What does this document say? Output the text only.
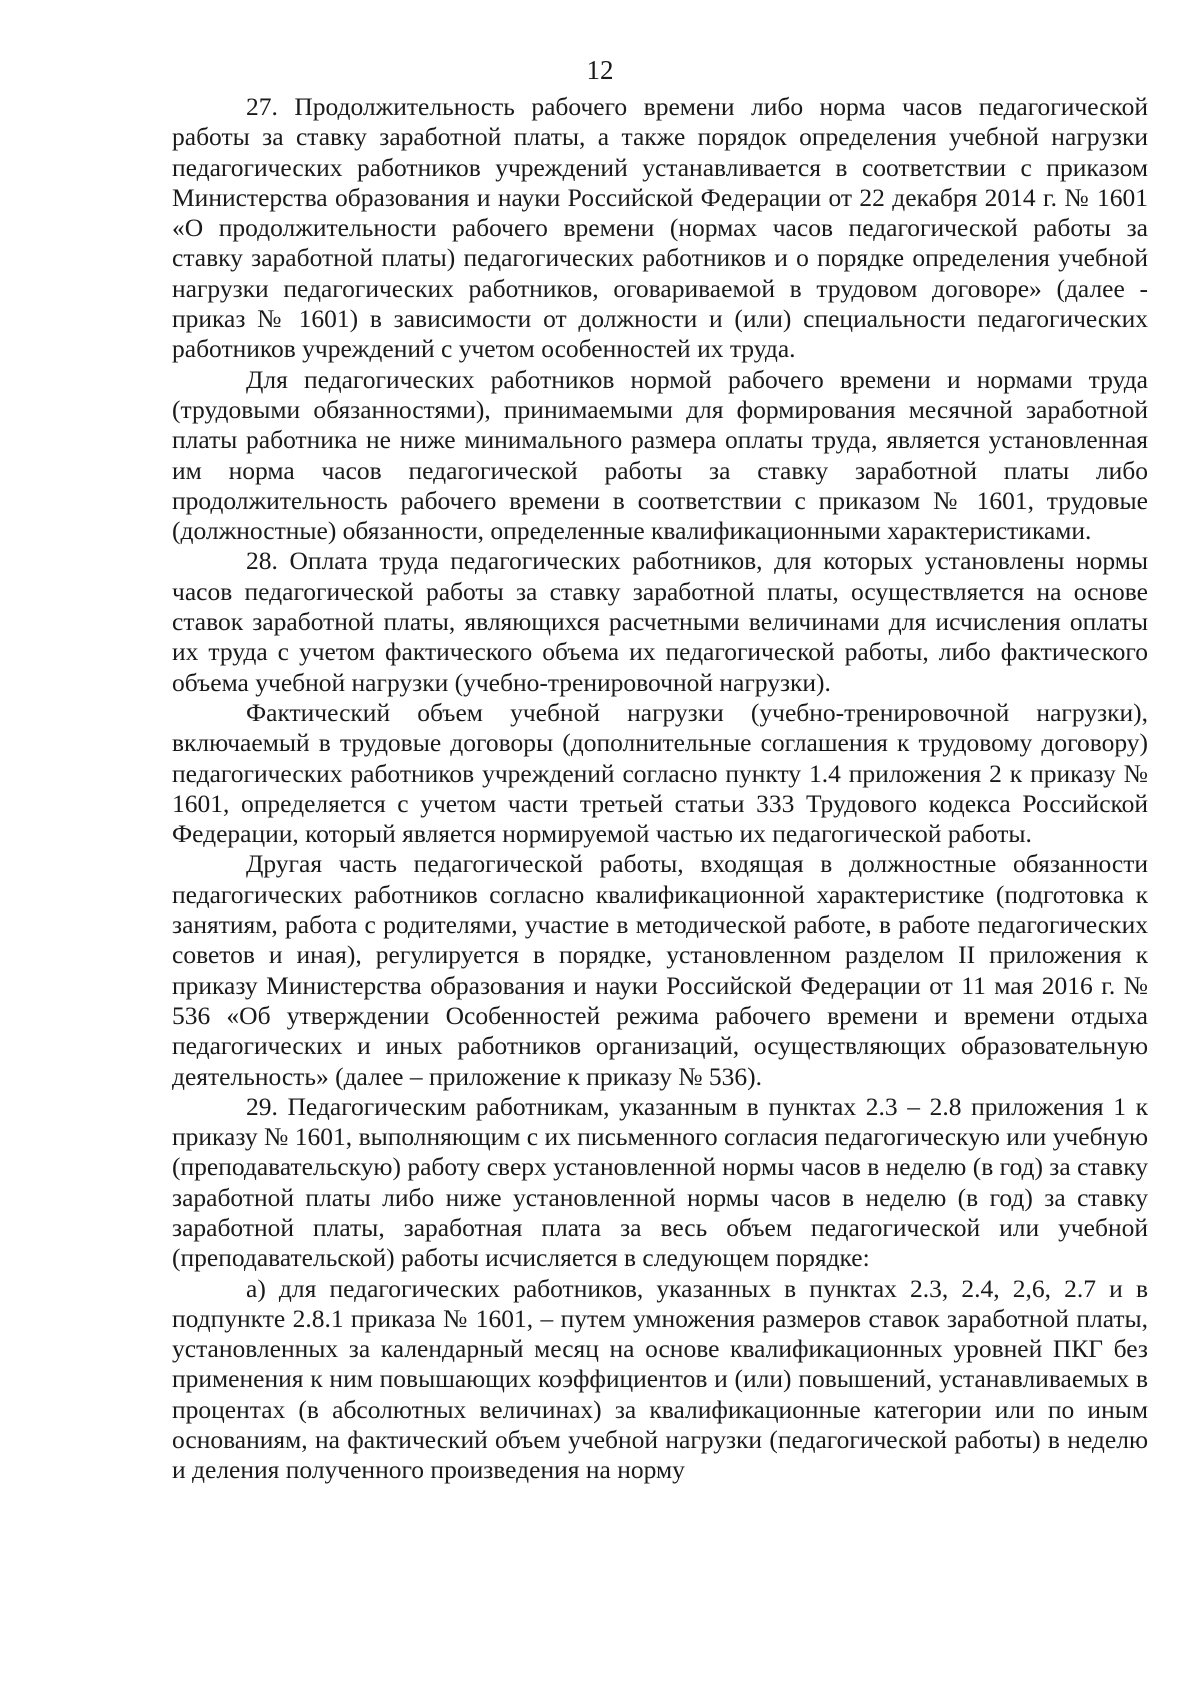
12

27. Продолжительность рабочего времени либо норма часов педагогической работы за ставку заработной платы, а также порядок определения учебной нагрузки педагогических работников учреждений устанавливается в соответствии с приказом Министерства образования и науки Российской Федерации от 22 декабря 2014 г. № 1601 «О продолжительности рабочего времени (нормах часов педагогической работы за ставку заработной платы) педагогических работников и о порядке определения учебной нагрузки педагогических работников, оговариваемой в трудовом договоре» (далее - приказ № 1601) в зависимости от должности и (или) специальности педагогических работников учреждений с учетом особенностей их труда.

Для педагогических работников нормой рабочего времени и нормами труда (трудовыми обязанностями), принимаемыми для формирования месячной заработной платы работника не ниже минимального размера оплаты труда, является установленная им норма часов педагогической работы за ставку заработной платы либо продолжительность рабочего времени в соответствии с приказом № 1601, трудовые (должностные) обязанности, определенные квалификационными характеристиками.

28. Оплата труда педагогических работников, для которых установлены нормы часов педагогической работы за ставку заработной платы, осуществляется на основе ставок заработной платы, являющихся расчетными величинами для исчисления оплаты их труда с учетом фактического объема их педагогической работы, либо фактического объема учебной нагрузки (учебно-тренировочной нагрузки).

Фактический объем учебной нагрузки (учебно-тренировочной нагрузки), включаемый в трудовые договоры (дополнительные соглашения к трудовому договору) педагогических работников учреждений согласно пункту 1.4 приложения 2 к приказу № 1601, определяется с учетом части третьей статьи 333 Трудового кодекса Российской Федерации, который является нормируемой частью их педагогической работы.

Другая часть педагогической работы, входящая в должностные обязанности педагогических работников согласно квалификационной характеристике (подготовка к занятиям, работа с родителями, участие в методической работе, в работе педагогических советов и иная), регулируется в порядке, установленном разделом II приложения к приказу Министерства образования и науки Российской Федерации от 11 мая 2016 г. № 536 «Об утверждении Особенностей режима рабочего времени и времени отдыха педагогических и иных работников организаций, осуществляющих образовательную деятельность» (далее – приложение к приказу № 536).

29. Педагогическим работникам, указанным в пунктах 2.3 – 2.8 приложения 1 к приказу № 1601, выполняющим с их письменного согласия педагогическую или учебную (преподавательскую) работу сверх установленной нормы часов в неделю (в год) за ставку заработной платы либо ниже установленной нормы часов в неделю (в год) за ставку заработной платы, заработная плата за весь объем педагогической или учебной (преподавательской) работы исчисляется в следующем порядке:

а) для педагогических работников, указанных в пунктах 2.3, 2.4, 2,6, 2.7 и в подпункте 2.8.1 приказа № 1601, – путем умножения размеров ставок заработной платы, установленных за календарный месяц на основе квалификационных уровней ПКГ без применения к ним повышающих коэффициентов и (или) повышений, устанавливаемых в процентах (в абсолютных величинах) за квалификационные категории или по иным основаниям, на фактический объем учебной нагрузки (педагогической работы) в неделю и деления полученного произведения на норму
